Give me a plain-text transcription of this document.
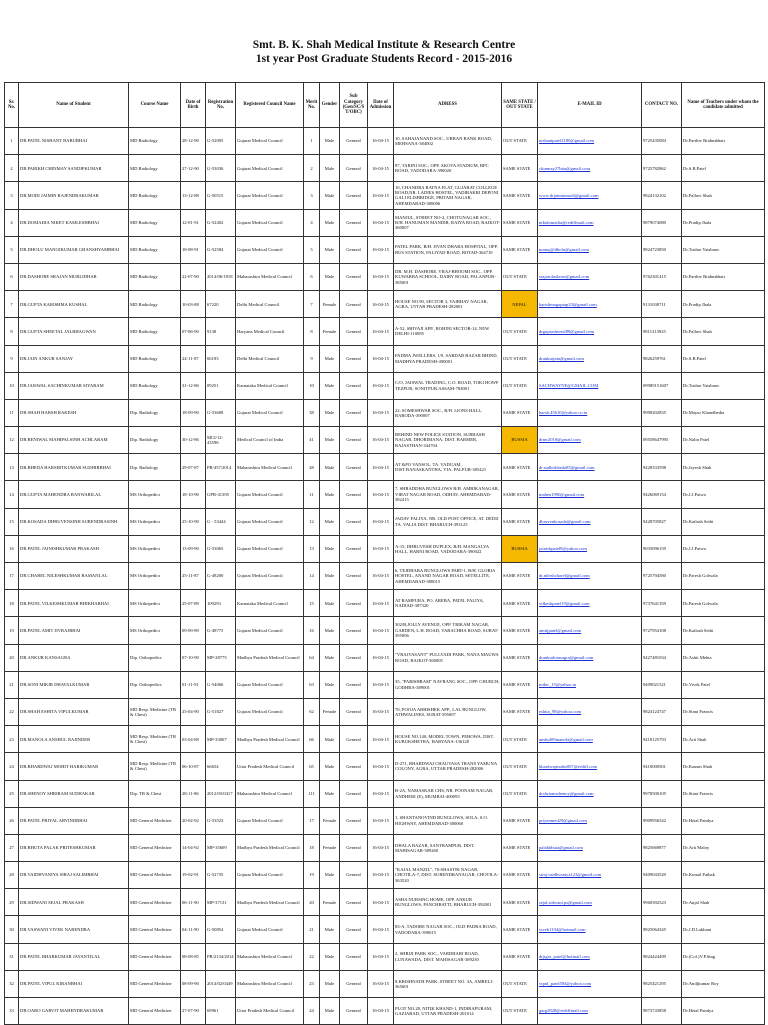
Smt. B. K. Shah Medical Institute & Research Centre
1st year Post Graduate Students Record - 2015-2016
Sr. No.	Name of Student	Course Name	Date of Birth	Registration No.	Registered Council Name	Merit No.	Gender	Sub Category (Gen/SC/S T/OBC)	Date of Admission	ADRESS	SAME STATE / OUT STATE	E-MAIL ID	CONTACT NO.	Name of Teachers under whom the candidate admitted
1	DR.PATEL NISHANT BABUBHAI	MD Radiology	28-12-90	G-52005	Gujarat Medical Council	1	Male	General	16-04-15	10, SAHAJANAND SOC., URBAN BANK ROAD, MEHSANA-384002	OUT STATE	nishantpatel2180@gmail.com	9725435084	Dr.Parthiv Brahmbhatt
2	DR.PARIKH CHINMAY SANDIPKUMAR	MD Radiology	27-12-90	G-53036	Gujarat Medical Council	2	Male	General	16-04-15	87, TARINI SOC., OPP. AKOTA STADIUM, BPC ROAD, VADODARA-390020	SAME STATE	chinmay27bita@gmail.com	9725782862	Dr.S.B.Patel
3	DR.MODI JAIMIN RAJENDRAKUMAR	MD Radiology	13-12-88	G-50515	Gujarat Medical Council	3	Male	General	16-04-15	10, CHANDRA RATNA FLAT, GUJARAT COLLEGE ROAD,NR. LADIES HOSTEL, VADIBAKRI DEPONI GALI ELISBRIDGE, PRITAM NAGAR, AHEMDABAD-380006	SAME STATE	www.drjaiminmodi@gmail.com	9824132102	Dr.Pallavi Shah
4	DR.DOMADIA NIKET KAMLESHBHAI	MD Radiology	12-01-91	G-52402	Gujarat Medical Council	4	Male	General	16-04-15	MANJUL, STREET NO-2, CHOTUNAGAR SOC., B/H. HANUMAN MANDIR, RAIYA ROAD, RAJKOT-360007	SAME STATE	niktdomadia@rediffmail.com	9879074080	Dr.Pradip Jhala
5	DR.DHOLU MANOJKUMAR GHANSHYAMBHAI	MD Radiology	18-08-91	G-52584	Gujarat Medical Council	5	Male	General	16-04-15	PATEL PARK, B/H. JIVAN DHARA HOSPITAL, OPP. BUS STATION, PALIYAD ROAD, BOTAD-364710	SAME STATE	manoj@dholu@gmail.com	9824723850	Dr.Tushar Vaishnav
6	DR.DASHORE SRAJAN MURLIDHAR	MD Radiology	22-07-90	2014/06/1818	Maharashtra Medical Council	6	Male	General	16-04-15	DR. M.H. DASHORE, VRAJ-BHOOMI SOC., OPP. KUWARBA SCHOOL, DAIRY ROAD, PALANPUR-385001	OUT STATE	srajan.dashore@gmail.com	9762301415	Dr.Parthiv Brahmbhatt
7	DR.GUPTA KARISHMA KUSHAL	MD Radiology	10-03-88	67220	Delhi Medical Council	7	Female	General	16-04-15	HOUSE NO.90, SECTOR 3, VAIBHAV NAGAR, AGRA, UTTAR PRADESH-282001	NEPAL	karishmaguptap23@gmail.com	9131038711	Dr.Pradip Jhala
8	DR.GUPTA SHEETAL JALBHAGWAN	MD Radiology	07-06-90	9138	Haryana Medical Council	8	Female	General	16-04-15	A-52, SHIVAJI APP., ROHINI SECTOR-14, NEW DELHI-110085	OUT STATE	drguptasheetal88@gmail.com	9811313925	Dr.Pallavi Shah
9	DR.JAIN ANKUR SANJAY	MD Radiology	24-11-87	66183	Delhi Medical Council	9	Male	General	16-04-15	PADMA JWELLERS, 1/9, SARDAR BAZAR BHIND, MADHYA PRADESH-490001	OUT STATE	drankurjain@gmail.com	9826259761	Dr.S.B.Patel
10	DR.JAISWAL SACHINKUMAR SIYARAM	MD Radiology	31-12-86	09251	Karnataka Medical Council	10	Male	General	16-04-15	C/O, JAISWAL TRADING, C.O. ROAD, TOKI HOWF TEZPUR, SONITPUR,ASSAM-784001	OUT STATE	SACHWAYNE@GMAIL.COM	09989151607	Dr.Tushar Vaishnav
11	DR.SHAH HARSH RAKESH	Dip. Radiology	18-09-90	G-53608	Gujarat Medical Council	38	Male	General	16-04-15	22, SOMESHWAR SOC., B/H. LIONS HALL, BARODA-390007	SAME STATE	harsh.45610@yahoo.co.in	9998202835	Dr.Mayur Khandhedia
12	DR.BENIWAL MAHIPALSINH ACHLARAM	Dip. Radiology	30-12-86	MCI/12-43596	Medical Council of India	41	Male	General	16-04-15	BEHIND NEW POLICE STATION, SUBHASH NAGAR, DHORIMANA, DIST. BARMER, RAJASTHAN-344704	RUSSIA	drmr2010@gmail.com	09558647995	Dr.Nalin Patel
13	DR.BHEDA HARSHITKUMAR SUDHIRBHAI	Dip. Radiology	29-07-87	PR/457/2014	Maharashtra Medical Council	48	Male	General	16-04-15	AT &PO VANSOL, TA. VADGAM, DIST.BANASKANTHA, VIA. PALPUR-385421	SAME STATE	dr.sudhirbheda85@gmail.com	9428333598	Dr.Jayesh Shah
14	DR.GUPTA MAHENDRA BANWARILAL	MS Orthopedics	18-10-90	GPB-41395	Gujarat Medical Council	11	Male	General	16-04-15	7, SHRADDHA BUNGLOWS B/H. AMBIKANAGAR, VIRAT NAGAR ROAD, ODHAV, AHEMDABAD-382415	SAME STATE	mahen1990@gmail.com	9426069154	Dr.J.J.Patwa
15	DR.KOSADA DHRUVENSINH SURENDRASINH	MS Orthopedics	25-10-90	G - 53444	Gujarat Medical Council	12	Male	General	16-04-15	JADAV FALIYA, NR. OLD POST OFFICE, AT. DEDIJ TA. VALIA DIST. BHARUCH-393125	SAME STATE	dhruvenkosada@gmail.com	9428705827	Dr.Kailash Sethi
16	DR.PATEL JAINISHKUMAR PRAKASH	MS Orthopedics	13-09-90	G-53065	Gujarat Medical Council	13	Male	General	16-04-15	A-15, DHRUVESH DUPLEX, B/H. MANGALYA HALL, HARNI ROAD, VADODARA-390022	RUSSIA	jainishpatel9@yahoo.com	9033096159	Dr.J.J.Patwa
17	DR.CHAREL NILESHKUMAR RAMANLAL	MS Orthopedics	25-11-87	G-48200	Gujarat Medical Council	14	Male	General	16-04-15	6, TEJDHARA BUNGLOWS PART-1, B/H. GLORIA HOSTEL, ANAND NAGAR ROAD, SETELLITE, AHEMDABAD-380015	SAME STATE	dr.nileshcharel@gmail.com	9725794580	Dr.Paresh Golwala
18	DR.PATEL VILKESHKUMAR BHIKHABHAI	MS Orthopedics	25-07-89	109293	Karnataka Medical Council	15	Male	General	16-04-15	AT RAMPURA, PO. AREBA, PATEL FALIYA, NADIAD-387320	SAME STATE	vilkeshpatel19@gmail.com	9737641359	Dr.Paresh Golwala
19	DR.PATEL AMIT JIVRAJBHAI	MS Orthopedics	09-09-89	G-48775	Gujarat Medical Council	16	Male	General	16-04-15	302/B,JOLLY AVENUE, OPP. TRIKAM NAGAR, GARDEN, L.H. ROAD, VARACHHA ROAD, SURAT-395006	SAME STATE	amitjpatel@gmail.com	9727954108	Dr.Kailash Sethi
20	DR.ANKUR KANSAGRA	Dip. Orthopedics	07-10-90	MP-28775	Madhya Pradesh Medical Council	64	Male	General	16-04-15	"VRAJVASANT" PULLVADI PARK, NANA MAUWA ROAD, RAJKOT-360005	SAME STATE	drankurkansagra@gmail.com	9427481034	Dr.Ashit Mehta
21	DR.SONI MIKIR DHAVALKUMAR	Dip. Orthopedics	01-11-91	G-54066	Gujarat Medical Council	63	Male	General	16-04-15	35, "PARISHRAM" NAVRANG SOC., OPP. CHURCH, GODHRA-389001	SAME STATE	mikir_15@yahoo.in	9409021521	Dr.Vivek Patel
22	DR.SHAH ESHITA VIPULKUMAR	MD Resp. Medicine (TB & Chest)	25-04-90	G-51827	Gujarat Medical Council	62	Female	General	16-04-15	70, POOJA ABHISHEK APP., LAL BUNGLOW, ATHWALINES, SURAT-395007	SAME STATE	eshita_98@yahoo.com	9824124747	Dr.Stani Francis
23	DR.MANOLA ANSHUL RAJINDER	MD Resp. Medicine (TB & Chest)	03-04-88	MP-33007	Madhya Pradesh Medical Council	66	Male	General	16-04-15	HOUSE NO.140, MODEL TOWN, PEHOWA, DIST. KURUKSHETRA, HARYANA-136128	OUT STATE	anshul09manola@gmail.com	9418125793	Dr.Arti Shah
24	DR.BHARDWAJ MOHIT HARIKUMAR	MD Resp. Medicine (TB & Chest)	06-10-87	66654	Uttar Pradesh Medical Council	65	Male	General	16-04-15	D-271, BHARDWAJ CHAUVASA TRANS YAMUNA COLONY, AGRA, UTTAR PRADESH-282006	OUT STATE	bhardwajmohit007@rediff.com	9410000501	Dr.Kausm Shah
25	DR.SHENOY SHRIRAM SUDHAKAR	Dip. TB & Chest	28-11-86	2012/03/0417	Maharashtra Medical Council	111	Male	General	16-04-15	B-2A, NAMASKAR CHS, NR. POONAM NAGAR, ANDHERI (E), MUMBAI-400093	OUT STATE	drshriramshenoy@gmail.com	9978500105	Dr.Stani Francis
26	DR.PATEL PRIYAL ARVINDBHAI	MD General Medicine	20-02-92	G-53523	Gujarat Medical Council	17	Female	General	16-04-15	1, SHANTANOVIND BUNGLOWS, SOLA, S.O. HIGHWAY, AHEMDABAD-380060	SAME STATE	priyanmed29@gmail.com	9909956542	Dr.Hetal Pandya
27	DR.BHUTA PALAK PRITESHKUMAR	MD General Medicine	14-04-92	MP-35609	Madhya Pradesh Medical Council	18	Female	General	16-04-15	DHALA BAZAR, SANTRAMPUR, DIST. MAHISAGAR-389260	SAME STATE	palakbhuta@gmail.com	9825669877	Dr.Arti Maloy
28	DR.VAIDHVANIYA SIRAJ SALIMBHAI	MD General Medicine	19-02-91	G-52735	Gujarat Medical Council	19	Male	General	16-04-15	"KAJAL MANZIL", 70-SHASTRI NAGAR, CHOTILA-7, DIST. SURENDRANAGAR, CHOTILA-363520	SAME STATE	siraj.vaidhvaniya123@gmail.com	9409043520	Dr.Komal Pathak
29	DR.SIDWANI SEJAL PRAKASH	MD General Medicine	06-11-90	MP-37131	Madhya Pradesh Medical Council	20	Female	General	16-04-15	ASHA NURSING HOME, OPP. ANKUR BUNGLOWS, PANCHBATTI, BHARUCH-392001	SAME STATE	sejal.sidwani.ps@gmail.com	9960392523	Dr.Anjal Shah
30	DR.VASWANI VIVEK NARENDRA	MD General Medicine	04-11-90	G-50854	Gujarat Medical Council	21	Male	General	16-04-15	83-A, TADORE NAGAR SOC., OLD PADRA ROAD, VADODARA-390015	SAME STATE	vivek1104@hotmail.com	9825064345	Dr.J.D.Lakhani
31	DR.PATEL BHARKUMAR JAYANTILAL	MD General Medicine	08-08-85	PR/2134/2014	Maharashtra Medical Council	22	Male	General	16-04-15	2, SHRIJI PARK SOC., VARDHARI ROAD, LUNAWADA, DIST. MAHISAGAR-389230	SAME STATE	drjigar_patel@hotmail.com	9824424499	Dr.(Col.)V.P.Sing
32	DR.PATEL VIPUL KIRANBHAI	MD General Medicine	08-09-90	2014/02/0449	Maharashtra Medical Council	23	Male	General	16-04-15	8,KRISHNATH PARK, STREET NO. 3A, AMRELI-365601	OUT STATE	vipul_patel584@yahoo.com	9825421295	Dr.Aniljkumar Roy
33	DR.OARO GARVIT MAHENDRAKUMAR	MD General Medicine	27-07-90	69961	Uttar Pradesh Medical Council	24	Male	General	16-04-15	PLOT NO.28, NITIK KHAND-1, INDIRAPURAM, GAZIABAD, UTTAR PRADESH-201014	OUT STATE	garg2828@rediffmail.com	9873743858	Dr.Hetal Pandya
